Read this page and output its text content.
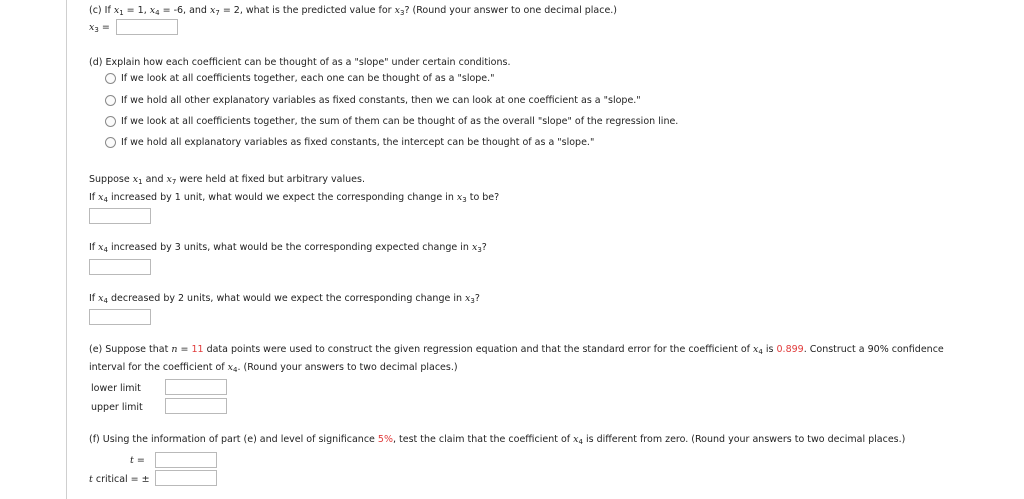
(c) If $x_1 = 1$, $x_4 = -6$, and $x_7 = 2$, what is the predicted value for $x_3$? (Round your answer to one decimal place.)
$x_3$ =
(d) Explain how each coefficient can be thought of as a "slope" under certain conditions.
If we look at all coefficients together, each one can be thought of as a "slope."
If we hold all other explanatory variables as fixed constants, then we can look at one coefficient as a "slope."
If we look at all coefficients together, the sum of them can be thought of as the overall "slope" of the regression line.
If we hold all explanatory variables as fixed constants, the intercept can be thought of as a "slope."
Suppose $x_1$ and $x_7$ were held at fixed but arbitrary values.
If $x_4$ increased by 1 unit, what would we expect the corresponding change in $x_3$ to be?
If $x_4$ increased by 3 units, what would be the corresponding expected change in $x_3$?
If $x_4$ decreased by 2 units, what would we expect the corresponding change in $x_3$?
(e) Suppose that n = 11 data points were used to construct the given regression equation and that the standard error for the coefficient of $x_4$ is 0.899. Construct a 90% confidence
interval for the coefficient of $x_4$. (Round your answers to two decimal places.)
lower limit
upper limit
(f) Using the information of part (e) and level of significance 5%, test the claim that the coefficient of $x_4$ is different from zero. (Round your answers to two decimal places.)
t =
t critical = ±
